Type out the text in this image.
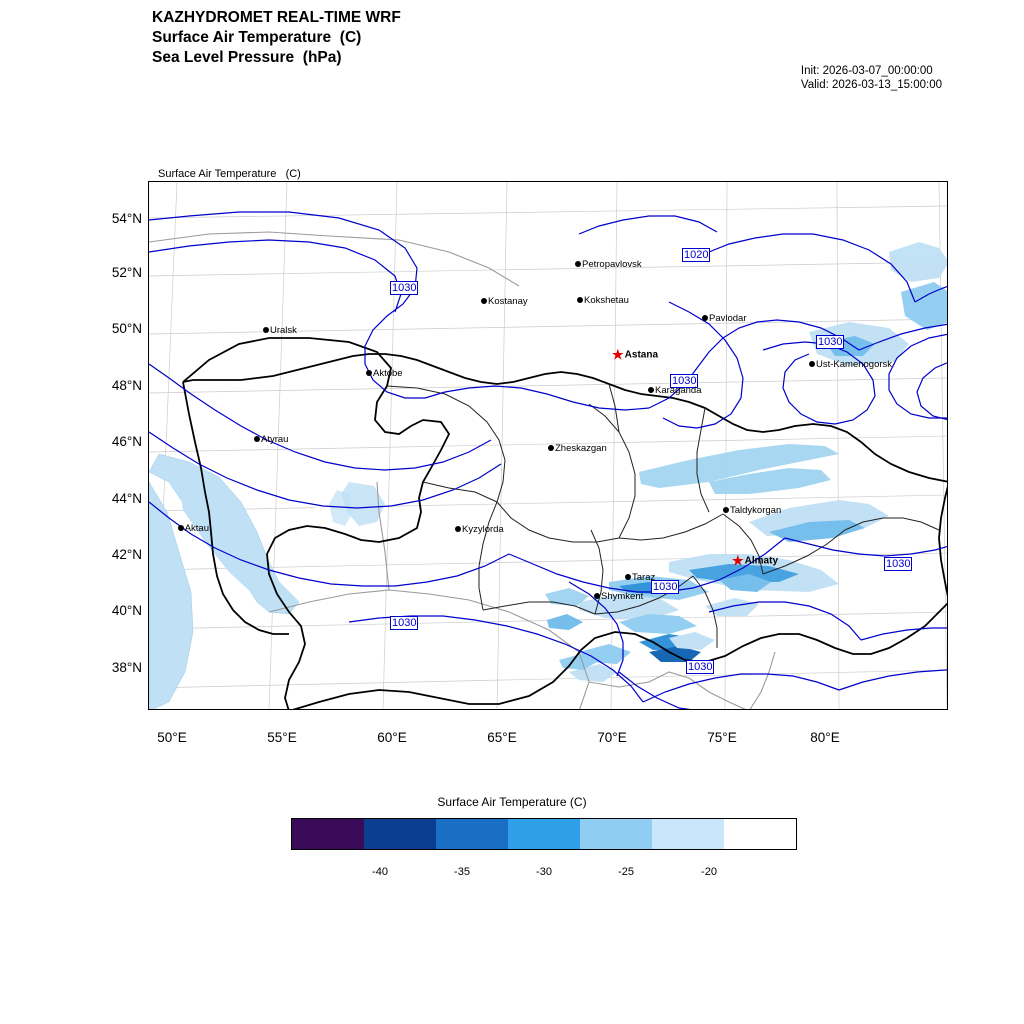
KAZHYDROMET REAL-TIME WRF
Surface Air Temperature  (C)
Sea Level Pressure  (hPa)
Init: 2026-03-07_00:00:00
Valid: 2026-03-13_15:00:00

Surface Air Temperature   (C)

1030
1020
1030
1030
1030
1030
1030
1030
Petropavlovsk
Kostanay	Kokshetau
Pavlodar
Uralsk
Aktobe
Karaganda
Ust-Kamenogorsk
Atyrau
Zheskazgan
Taldykorgan
Aktau	Kyzylorda
Taraz
Shymkent
★Astana
★Almaty
54°N
52°N
50°N
48°N
46°N
44°N
42°N
40°N
38°N
50°E	55°E	60°E	65°E	70°E	75°E	80°E
Surface Air Temperature (C)
-40	-35	-30	-25	-20
